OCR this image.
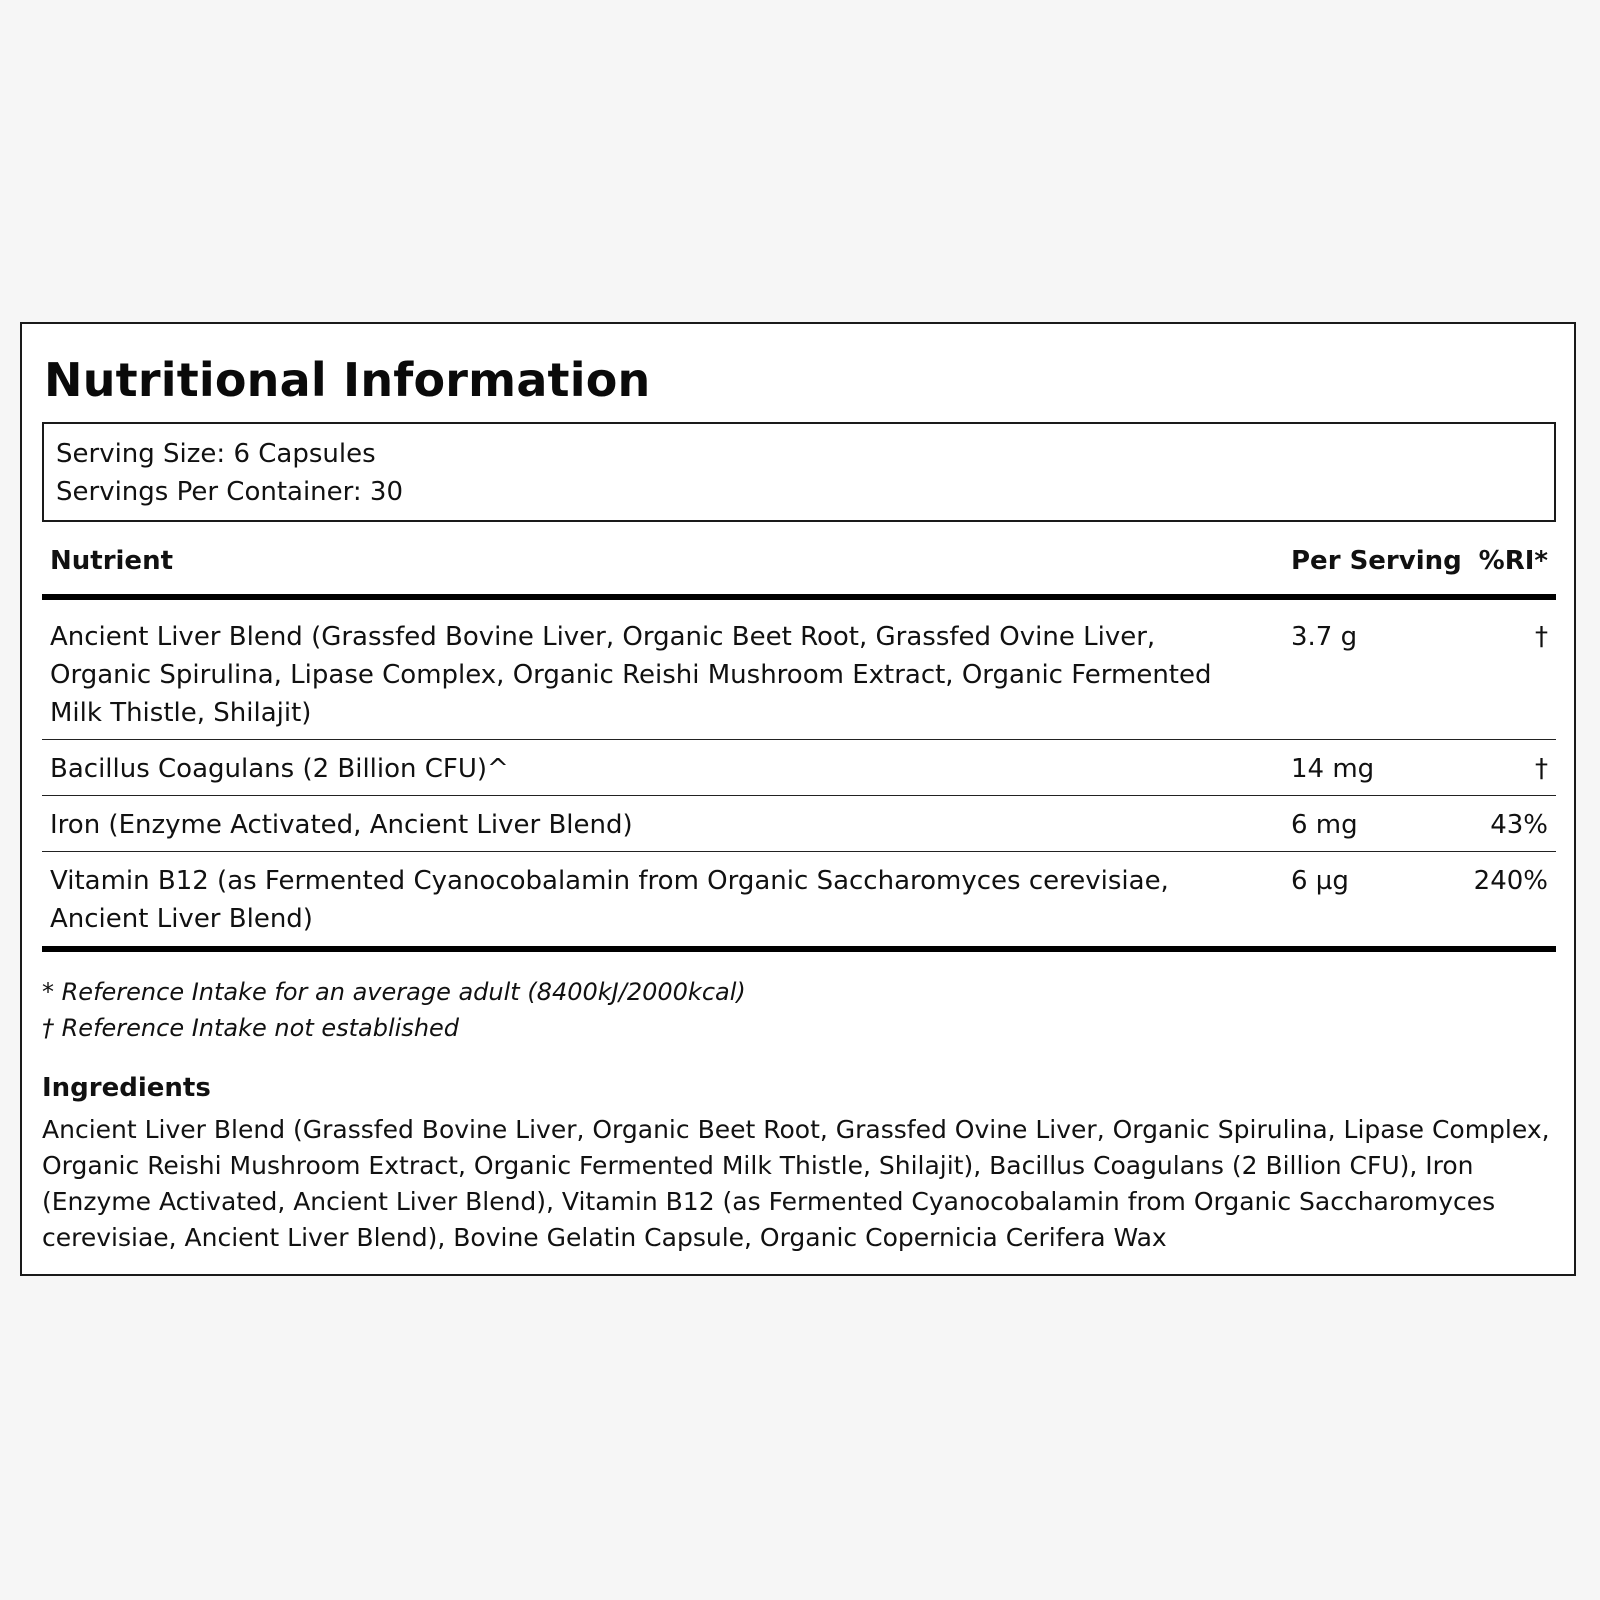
Nutritional Information
Serving Size: 6 Capsules
Servings Per Container: 30
Nutrient	Per Serving	%RI*
Ancient Liver Blend (Grassfed Bovine Liver, Organic Beet Root, Grassfed Ovine Liver, Organic Spirulina, Lipase Complex, Organic Reishi Mushroom Extract, Organic Fermented Milk Thistle, Shilajit)	3.7 g	†
Bacillus Coagulans (2 Billion CFU)^	14 mg	†
Iron (Enzyme Activated, Ancient Liver Blend)	6 mg	43%
Vitamin B12 (as Fermented Cyanocobalamin from Organic Saccharomyces cerevisiae, Ancient Liver Blend)	6 µg	240%
* Reference Intake for an average adult (8400kJ/2000kcal)
† Reference Intake not established
Ingredients

Ancient Liver Blend (Grassfed Bovine Liver, Organic Beet Root, Grassfed Ovine Liver, Organic Spirulina, Lipase Complex, Organic Reishi Mushroom Extract, Organic Fermented Milk Thistle, Shilajit), Bacillus Coagulans (2 Billion CFU), Iron (Enzyme Activated, Ancient Liver Blend), Vitamin B12 (as Fermented Cyanocobalamin from Organic Saccharomyces cerevisiae, Ancient Liver Blend), Bovine Gelatin Capsule, Organic Copernicia Cerifera Wax
